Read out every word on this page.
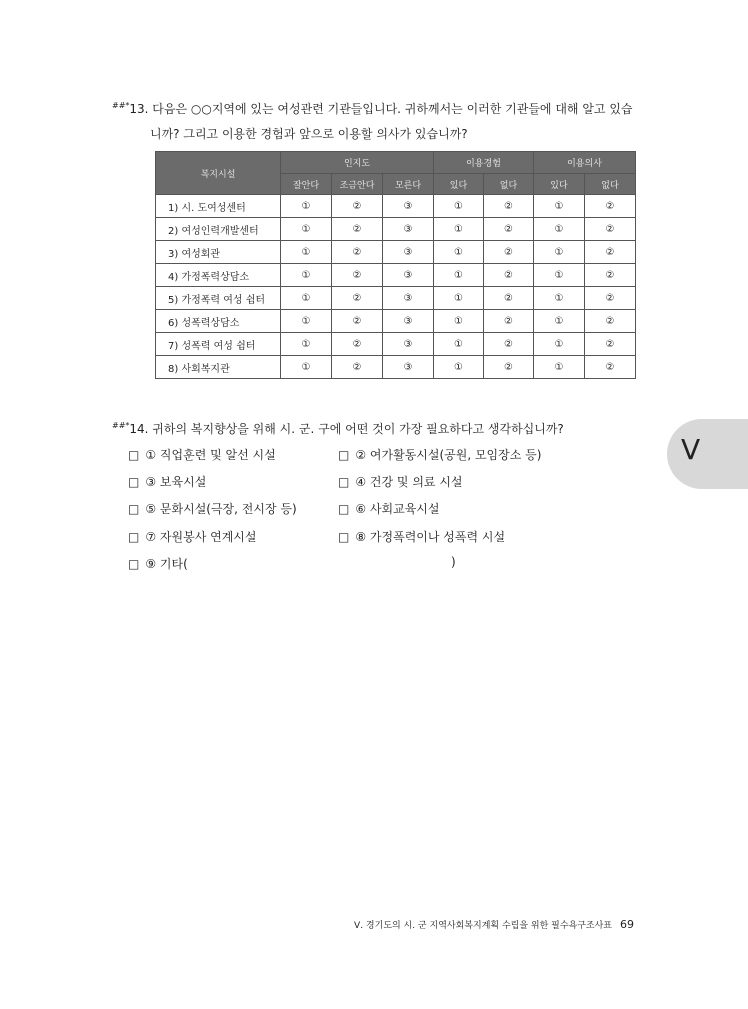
##*13. 다음은 ○○지역에 있는 여성관련 기관들입니다. 귀하께서는 이러한 기관들에 대해 알고 있습
니까? 그리고 이용한 경험과 앞으로 이용할 의사가 있습니까?
복지시설	인지도			이용경험		이용의사	
	잘안다	조금안다	모른다	있다	없다	있다	없다
1) 시. 도여성센터	①	②	③	①	②	①	②
2) 여성인력개발센터	①	②	③	①	②	①	②
3) 여성회관	①	②	③	①	②	①	②
4) 가정폭력상담소	①	②	③	①	②	①	②
5) 가정폭력 여성 쉼터	①	②	③	①	②	①	②
6) 성폭력상담소	①	②	③	①	②	①	②
7) 성폭력 여성 쉼터	①	②	③	①	②	①	②
8) 사회복지관	①	②	③	①	②	①	②
##*14. 귀하의 복지향상을 위해 시. 군. 구에 어떤 것이 가장 필요하다고 생각하십니까?
□ ① 직업훈련 및 알선 시설	□ ② 여가활동시설(공원, 모임장소 등)
□ ③ 보육시설	□ ④ 건강 및 의료 시설
□ ⑤ 문화시설(극장, 전시장 등)	□ ⑥ 사회교육시설
□ ⑦ 자원봉사 연계시설	□ ⑧ 가정폭력이나 성폭력 시설
□ ⑨ 기타(	)
V
Ⅴ. 경기도의 시. 군 지역사회복지계획 수립을 위한 필수욕구조사표 69
